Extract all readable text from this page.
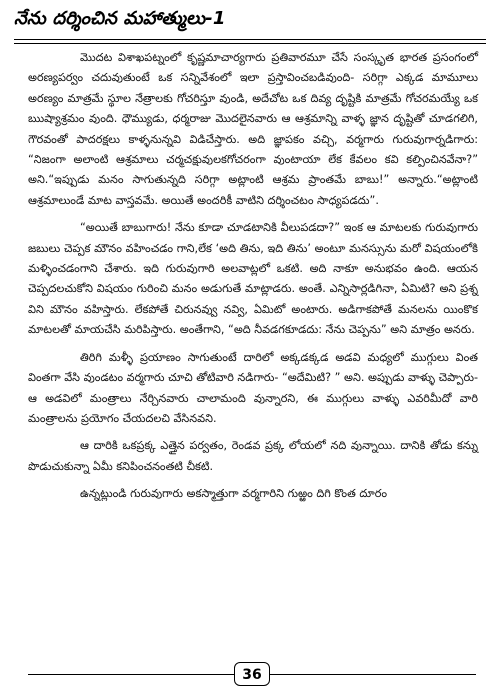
నేను దర్శించిన మహాత్ములు-1

మొదట విశాఖపట్నంలో కృష్ణమాచార్యగారు ప్రతివారమూ చేసే సంస్కృత భారత ప్రసంగంలో అరణ్యపర్వం చదువుతుంటే ఒక సన్నివేశంలో ఇలా ప్రస్తావించబడివుంది- సరిగ్గా ఎక్కడ మామూలు అరణ్యం మాత్రమే స్థూల నేత్రాలకు గోచరిస్తూ వుండి, అదేచోట ఒక దివ్య దృష్టికి మాత్రమే గోచరమయ్యే ఒక ఋష్యాశ్రమం వుంది. ధౌమ్యుడు, ధర్మరాజు మొదలైనవారు ఆ ఆశ్రమాన్ని వాళ్ళ జ్ఞాన దృష్టితో చూడగలిగి, గౌరవంతో పాదరక్షలు కాళ్ళనున్నవి విడిచేస్తారు. అది జ్ఞాపకం వచ్చి, వర్మగారు గురువుగార్నడిగారు: “నిజంగా అలాంటి ఆశ్రమాలు చర్మచక్షువులకగోచరంగా వుంటాయా లేక కేవలం కవి కల్పించినవేనా?” అని.“ఇప్పుడు మనం సాగుతున్నది సరిగ్గా అట్లాంటి ఆశ్రమ ప్రాంతమే బాబు!” అన్నారు.“అట్లాంటి ఆశ్రమాలుండే మాట వాస్తవమే. అయితే అందరికీ వాటిని దర్శించటం సాధ్యపడదు”.

“అయితే బాబుగారు! నేను కూడా చూడటానికి వీలుపడదా?” ఇంక ఆ మాటలకు గురువుగారు జబులు చెప్పక మౌనం వహించడం గాని,లేక ‘అది తిను, ఇది తిను’ అంటూ మనస్సును మరో విషయంలోకి మళ్ళించడంగాని చేశారు. ఇది గురువుగారి అలవాట్లలో ఒకటి. అది నాకూ అనుభవం ఉంది. ఆయన చెప్పదలచుకోని విషయం గురించి మనం అడుగుతే మాట్లాడరు. అంతే. ఎన్నిసార్లడిగినా, ఏమిటి? అని ప్రశ్న విని మౌనం వహిస్తారు. లేకపోతే చిరునవ్వు నవ్వి, ఏమిటో అంటారు. అడిగాకపోతే మనలను యింకొక మాటలతో మాయచేసి మరిపిస్తారు. అంతేగాని, “అది నీవడగకూడదు: నేను చెప్పను” అని మాత్రం అనరు.

తిరిగి మళ్ళీ ప్రయాణం సాగుతుంటే దారిలో అక్కడక్కడ అడవి మధ్యలో ముగ్గులు వింత వింతగా వేసి వుండటం వర్మగారు చూచి తోటివారి నడిగారు- “అదేమిటి? ” అని. అప్పుడు వాళ్ళు చెప్పారు- ఆ అడవిలో మంత్రాలు నేర్చినవారు చాలామంది వున్నారని, ఈ ముగ్గులు వాళ్ళు ఎవరిమీదో వారి మంత్రాలను ప్రయోగం చేయదలచి వేసినవని.

ఆ దారికి ఒకప్రక్క ఎత్తైన పర్వతం, రెండవ ప్రక్క లోయలో నది వున్నాయి. దానికి తోడు కన్ను పొడుచుకున్నా ఏమీ కనిపించనంతటి చీకటి.

ఉన్నట్లుండి గురువుగారు అకస్మాత్తుగా వర్మగారిని గుఱ్ఱం దిగి కొంత దూరం

36
